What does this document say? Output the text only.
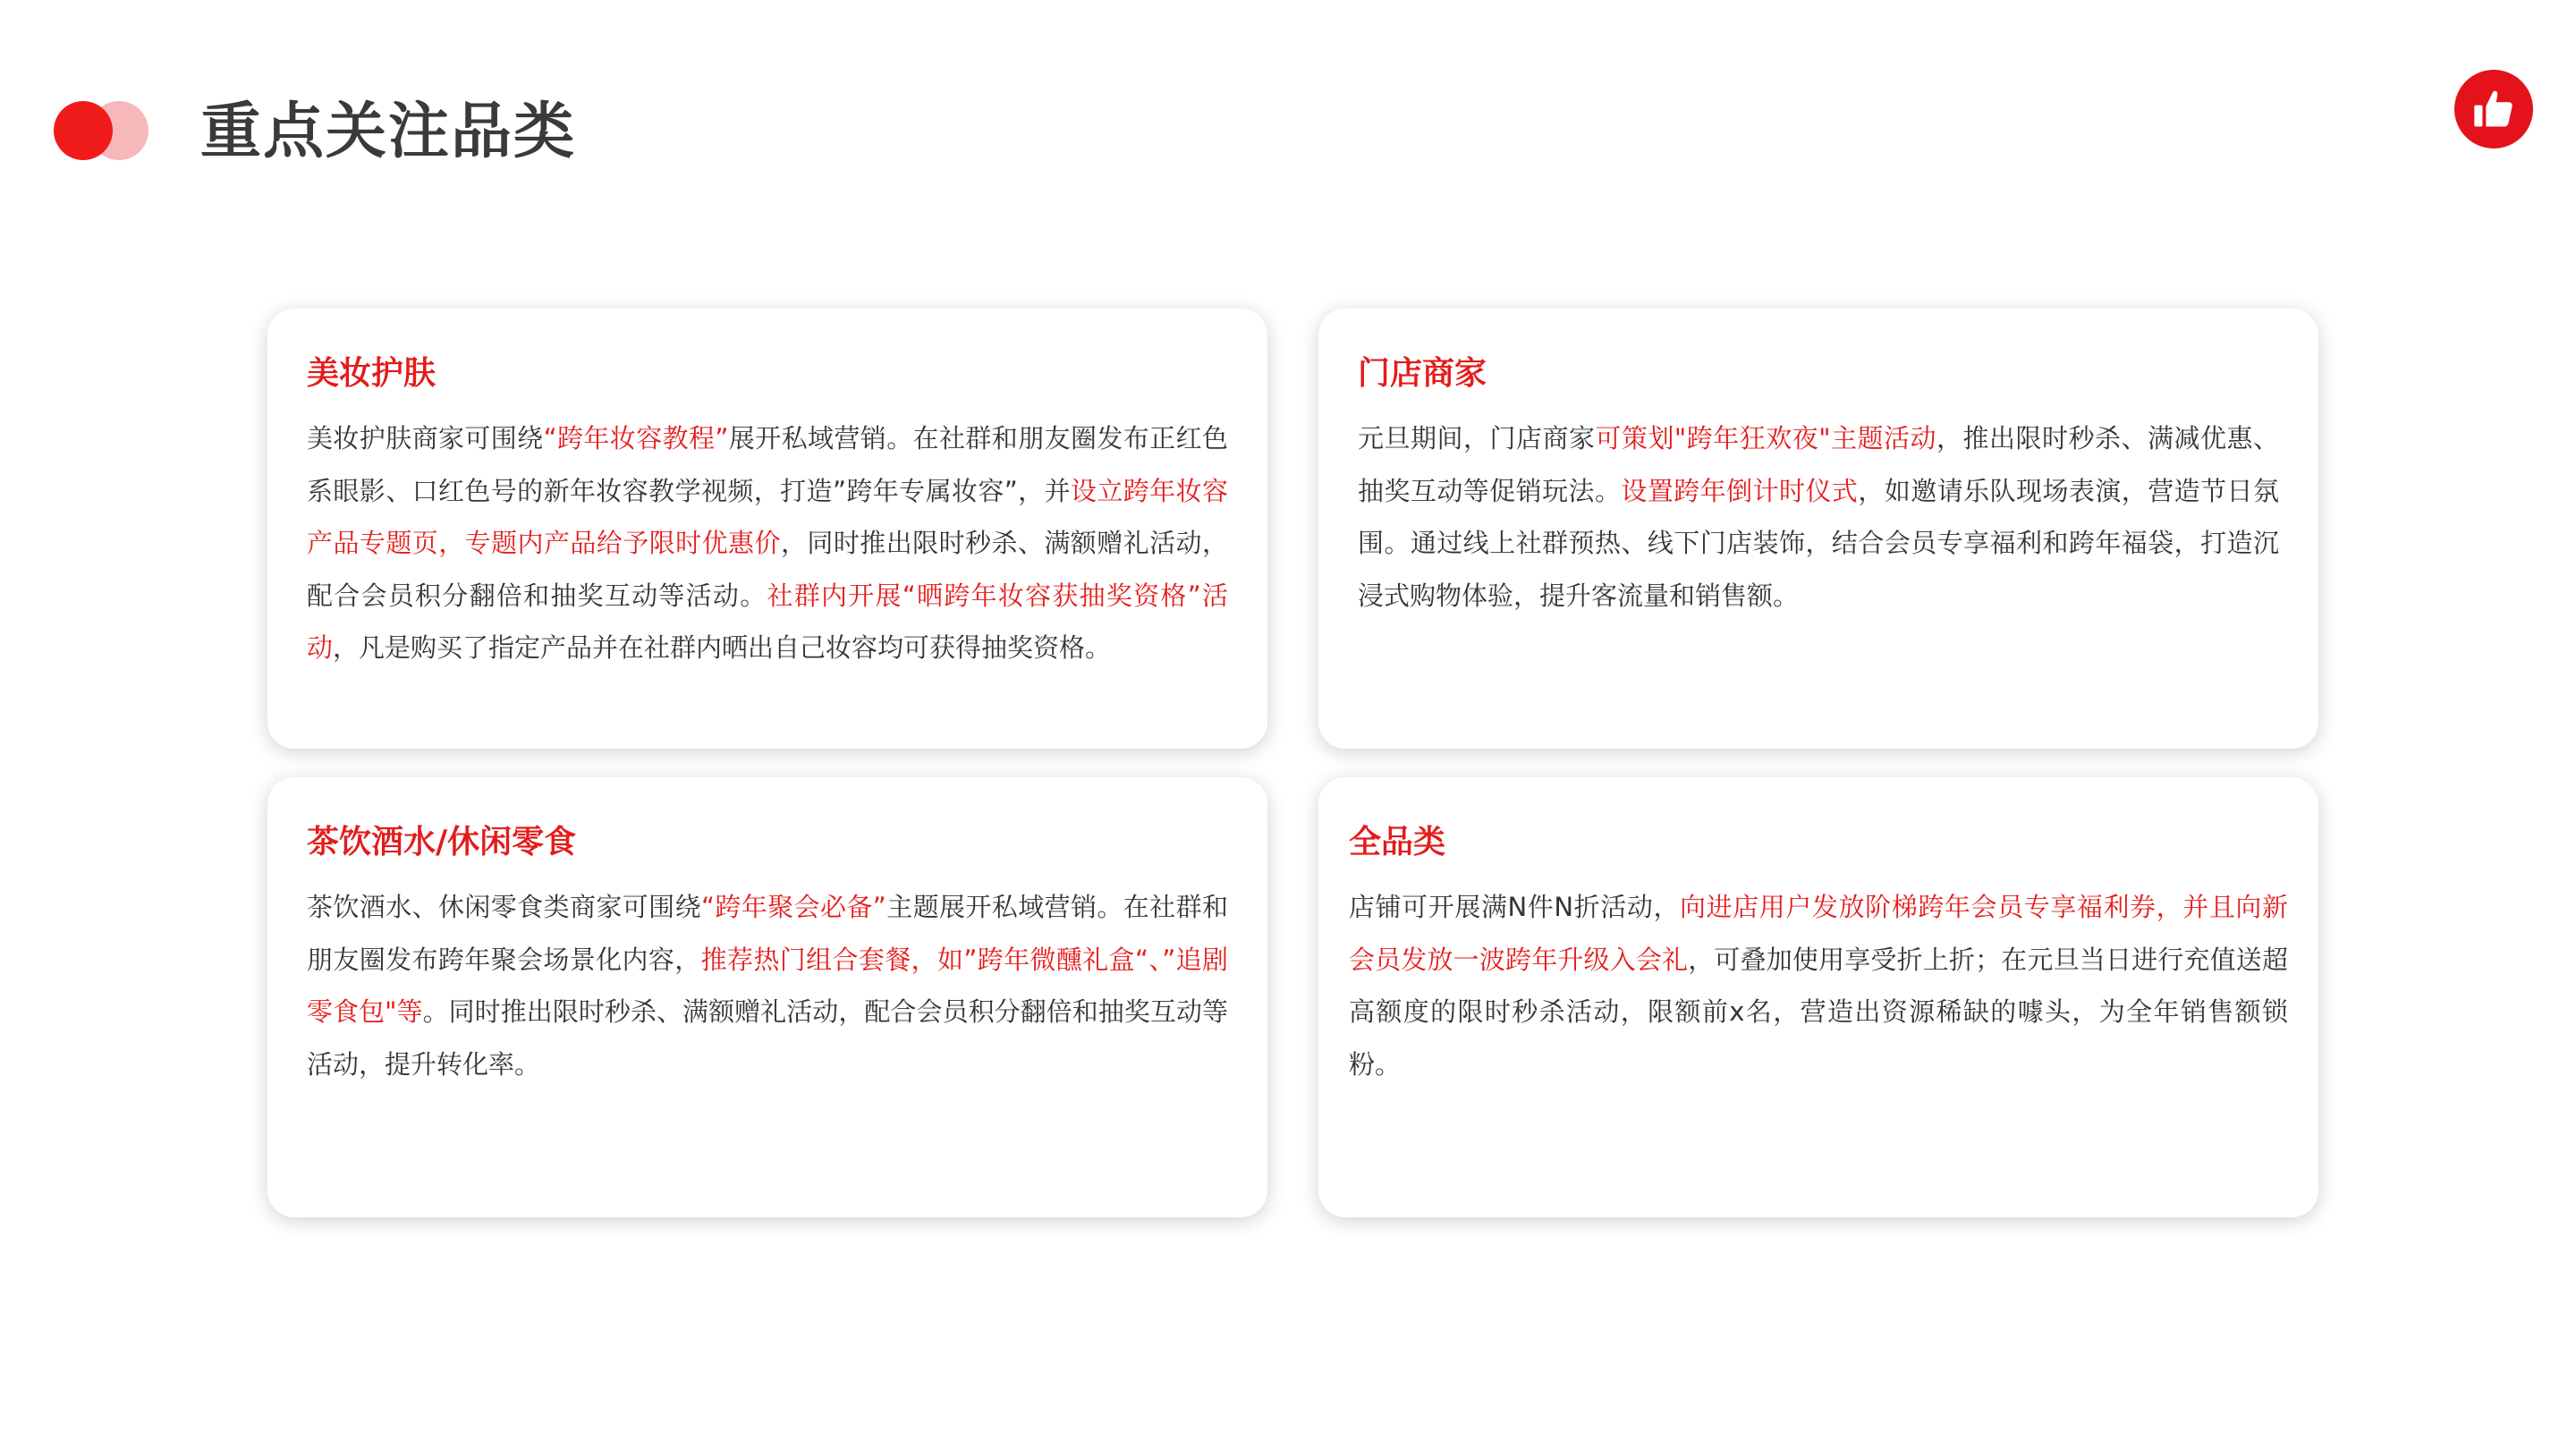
重点关注品类
美妆护肤

美妆护肤商家可围绕“跨年妆容教程”展开私域营销。在社群和朋友圈发布正红色系眼影、口红色号的新年妆容教学视频，打造”跨年专属妆容”，并设立跨年妆容产品专题页，专题内产品给予限时优惠价，同时推出限时秒杀、满额赠礼活动，配合会员积分翻倍和抽奖互动等活动。社群内开展“晒跨年妆容获抽奖资格”活动，凡是购买了指定产品并在社群内晒出自己妆容均可获得抽奖资格。

门店商家

元旦期间，门店商家可策划"跨年狂欢夜"主题活动，推出限时秒杀、满减优惠、抽奖互动等促销玩法。设置跨年倒计时仪式，如邀请乐队现场表演，营造节日氛围。通过线上社群预热、线下门店装饰，结合会员专享福利和跨年福袋，打造沉浸式购物体验，提升客流量和销售额。

茶饮酒水/休闲零食

茶饮酒水、休闲零食类商家可围绕“跨年聚会必备”主题展开私域营销。在社群和朋友圈发布跨年聚会场景化内容，推荐热门组合套餐，如”跨年微醺礼盒“、”追剧零食包"等。同时推出限时秒杀、满额赠礼活动，配合会员积分翻倍和抽奖互动等活动，提升转化率。

全品类

店铺可开展满N件N折活动，向进店用户发放阶梯跨年会员专享福利券，并且向新会员发放一波跨年升级入会礼，可叠加使用享受折上折；在元旦当日进行充值送超高额度的限时秒杀活动，限额前x名，营造出资源稀缺的噱头，为全年销售额锁粉。
